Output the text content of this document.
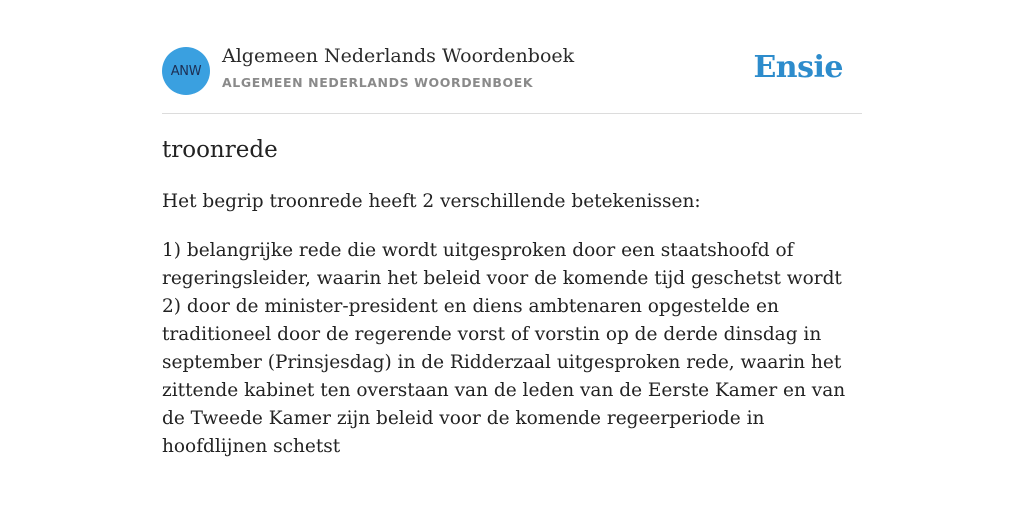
ANW
Algemeen Nederlands Woordenboek
ALGEMEEN NEDERLANDS WOORDENBOEK	Ensie
troonrede
Het begrip troonrede heeft 2 verschillende betekenissen:

1) belangrijke rede die wordt uitgesproken door een staatshoofd of regeringsleider, waarin het beleid voor de komende tijd geschetst wordt

2) door de minister-president en diens ambtenaren opgestelde en traditioneel door de regerende vorst of vorstin op de derde dinsdag in september (Prinsjesdag) in de Ridderzaal uitgesproken rede, waarin het zittende kabinet ten overstaan van de leden van de Eerste Kamer en van de Tweede Kamer zijn beleid voor de komende regeerperiode in hoofdlijnen schetst
